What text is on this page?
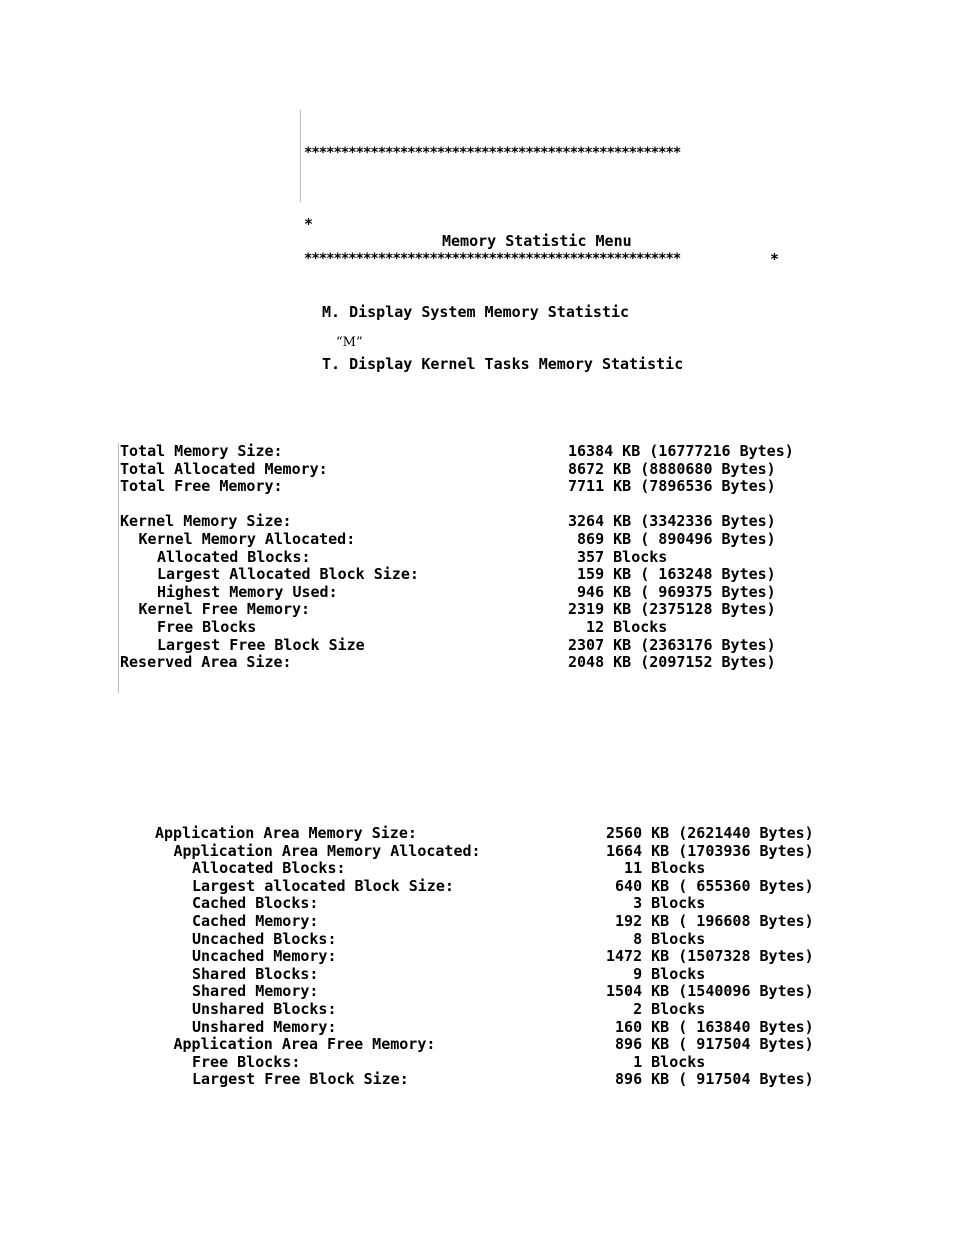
***************************************************

*

Memory Statistic Menu

*

***************************************************

M. Display System Memory Statistic

T. Display Kernel Tasks Memory Statistic

“M”
Total Memory Size:	16384 KB (16777216 Bytes)
Total Allocated Memory:	8672 KB (8880680 Bytes)
Total Free Memory:	7711 KB (7896536 Bytes)
Kernel Memory Size:	3264 KB (3342336 Bytes)
Kernel Memory Allocated:	869 KB ( 890496 Bytes)
Allocated Blocks:	357 Blocks
Largest Allocated Block Size:	159 KB ( 163248 Bytes)
Highest Memory Used:	946 KB ( 969375 Bytes)
Kernel Free Memory:	2319 KB (2375128 Bytes)
Free Blocks	12 Blocks
Largest Free Block Size	2307 KB (2363176 Bytes)
Reserved Area Size:	2048 KB (2097152 Bytes)
Application Area Memory Size:	2560 KB (2621440 Bytes)
Application Area Memory Allocated:	1664 KB (1703936 Bytes)
Allocated Blocks:	11 Blocks
Largest allocated Block Size:	640 KB ( 655360 Bytes)
Cached Blocks:	3 Blocks
Cached Memory:	192 KB ( 196608 Bytes)
Uncached Blocks:	8 Blocks
Uncached Memory:	1472 KB (1507328 Bytes)
Shared Blocks:	9 Blocks
Shared Memory:	1504 KB (1540096 Bytes)
Unshared Blocks:	2 Blocks
Unshared Memory:	160 KB ( 163840 Bytes)
Application Area Free Memory:	896 KB ( 917504 Bytes)
Free Blocks:	1 Blocks
Largest Free Block Size:	896 KB ( 917504 Bytes)
